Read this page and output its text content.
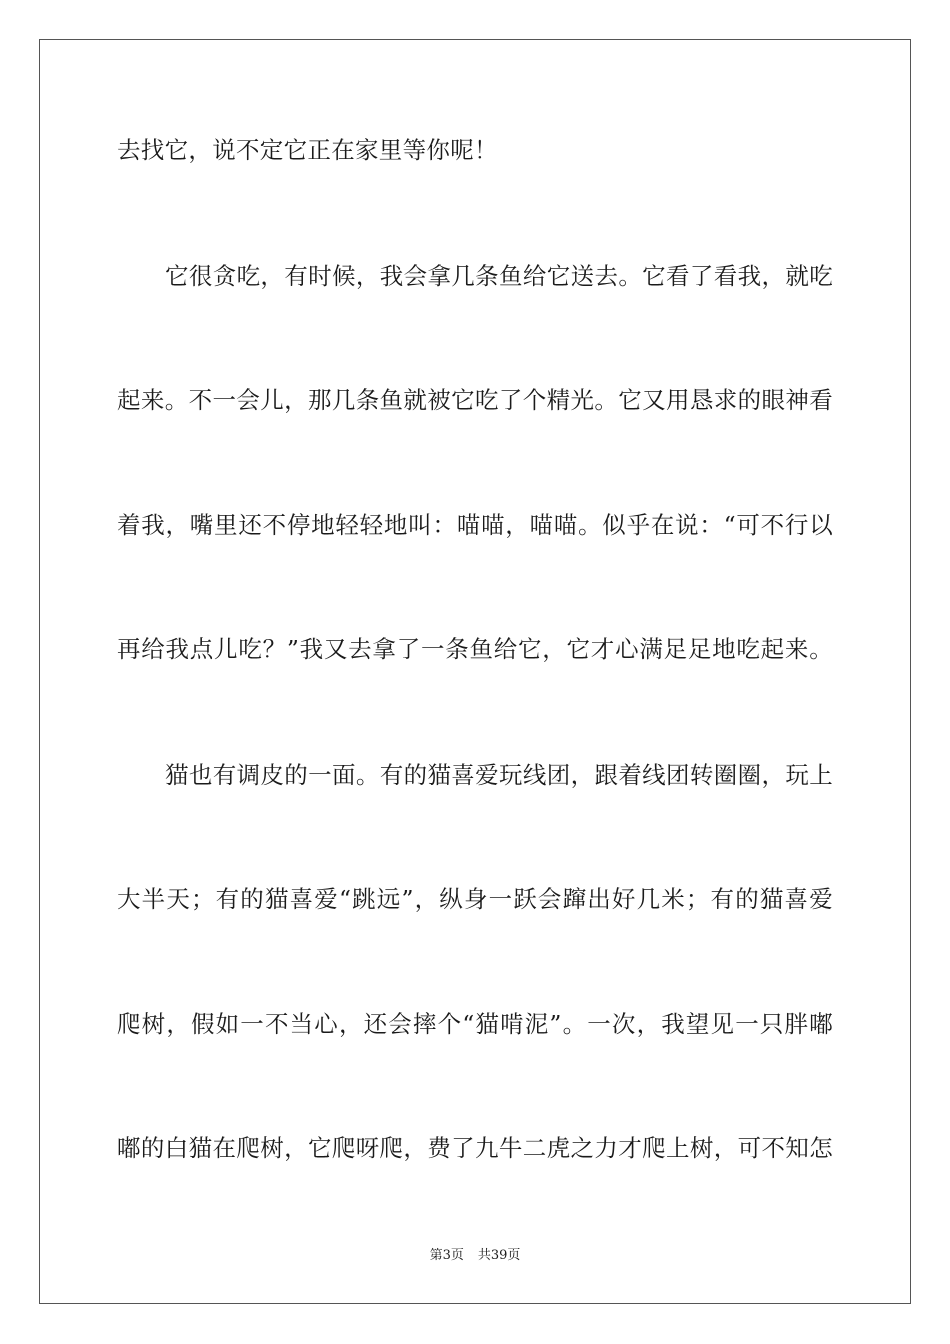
去找它，说不定它正在家里等你呢！
它很贪吃，有时候，我会拿几条鱼给它送去。它看了看我，就吃
起来。不一会儿，那几条鱼就被它吃了个精光。它又用恳求的眼神看
着我，嘴里还不停地轻轻地叫：喵喵，喵喵。似乎在说：“可不行以
再给我点儿吃？”我又去拿了一条鱼给它，它才心满足足地吃起来。
猫也有调皮的一面。有的猫喜爱玩线团，跟着线团转圈圈，玩上
大半天；有的猫喜爱“跳远”，纵身一跃会蹿出好几米；有的猫喜爱
爬树，假如一不当心，还会摔个“猫啃泥”。一次，我望见一只胖嘟
嘟的白猫在爬树，它爬呀爬，费了九牛二虎之力才爬上树，可不知怎
第3页 共39页
